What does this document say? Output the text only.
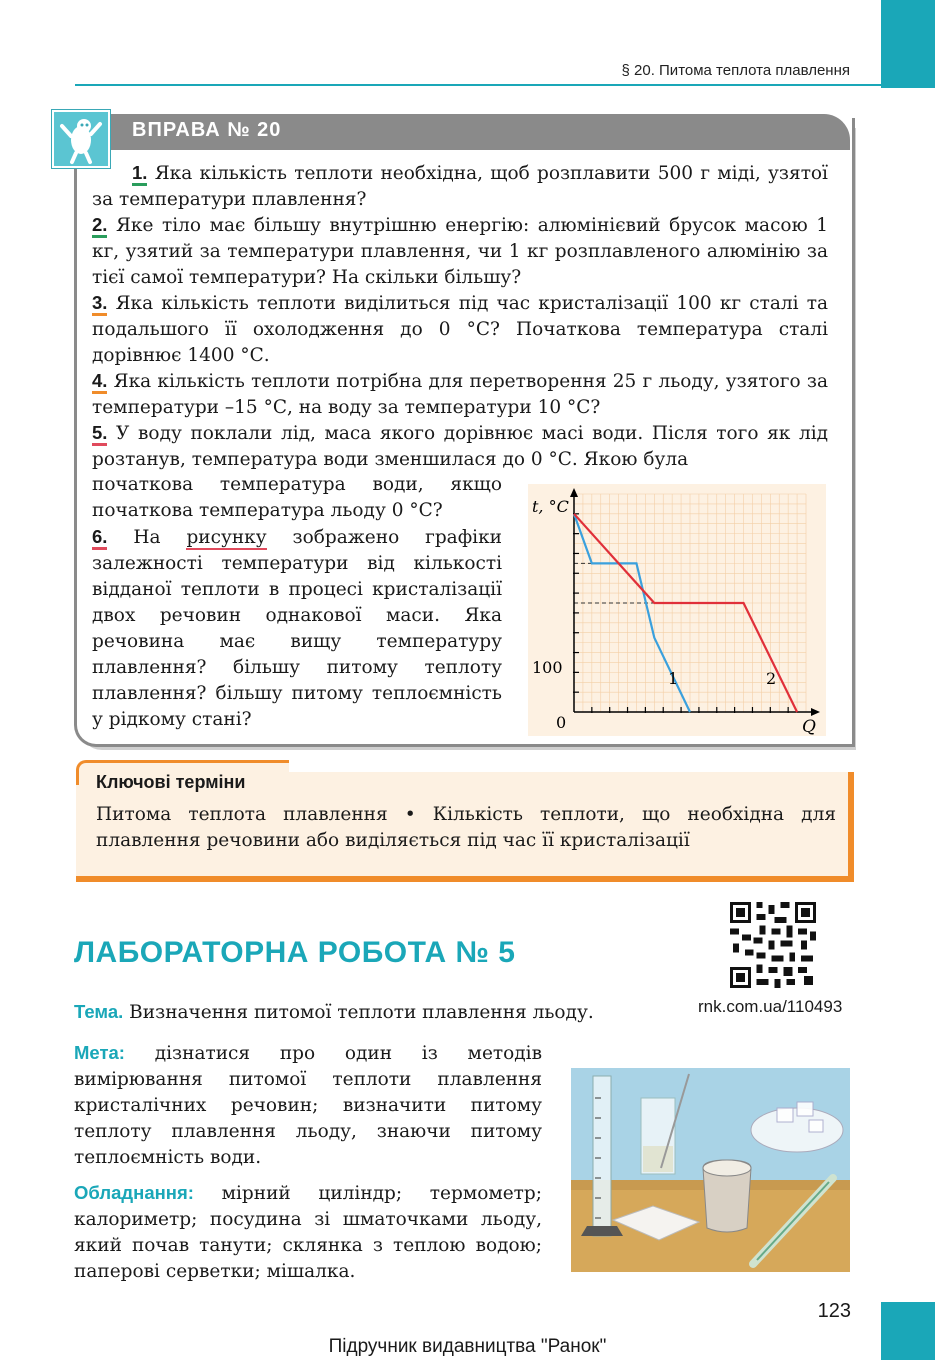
§ 20. Питома теплота плавлення
ВПРАВА № 20
1. Яка кількість теплоти необхідна, щоб розплавити 500 г міді, узятої за температури плавлення?
2. Яке тіло має більшу внутрішню енергію: алюмінієвий брусок масою 1 кг, узятий за температури плавлення, чи 1 кг розплавленого алюмінію за тієї самої температури? На скільки більшу?
3. Яка кількість теплоти виділиться під час кристалізації 100 кг сталі та подальшого її охолодження до 0 °С? Початкова температура сталі дорівнює 1400 °С.
4. Яка кількість теплоти потрібна для перетворення 25 г льоду, узятого за температури –15 °С, на воду за температури 10 °С?
5. У воду поклали лід, маса якого дорівнює масі води. Після того як лід розтанув, температура води зменшилася до 0 °С. Якою була
початкова температура води, якщо початкова температура льоду 0 °С?
6. На рисунку зображено графіки залежності температури від кількості відданої теплоти в процесі кристалізації двох речовин однакової маси. Яка речовина має вищу температуру плавлення? більшу питому теплоту плавлення? більшу питому теплоємність у рідкому стані?
t, °C
Q
0
100
1	2
Ключові терміни
Питома теплота плавлення • Кількість теплоти, що необхідна для плавлення речовини або виділяється під час її кристалізації
ЛАБОРАТОРНА РОБОТА № 5
rnk.com.ua/110493
Тема. Визначення питомої теплоти плавлення льоду.
Мета: дізнатися про один із методів вимірювання питомої теплоти плавлення кристалічних речовин; визначити питому теплоту плавлення льоду, знаючи питому теплоємність води.
Обладнання: мірний циліндр; термометр; калориметр; посудина зі шматочками льоду, який почав танути; склянка з теплою водою; паперові серветки; мішалка.
123
Підручник видавництва "Ранок"
